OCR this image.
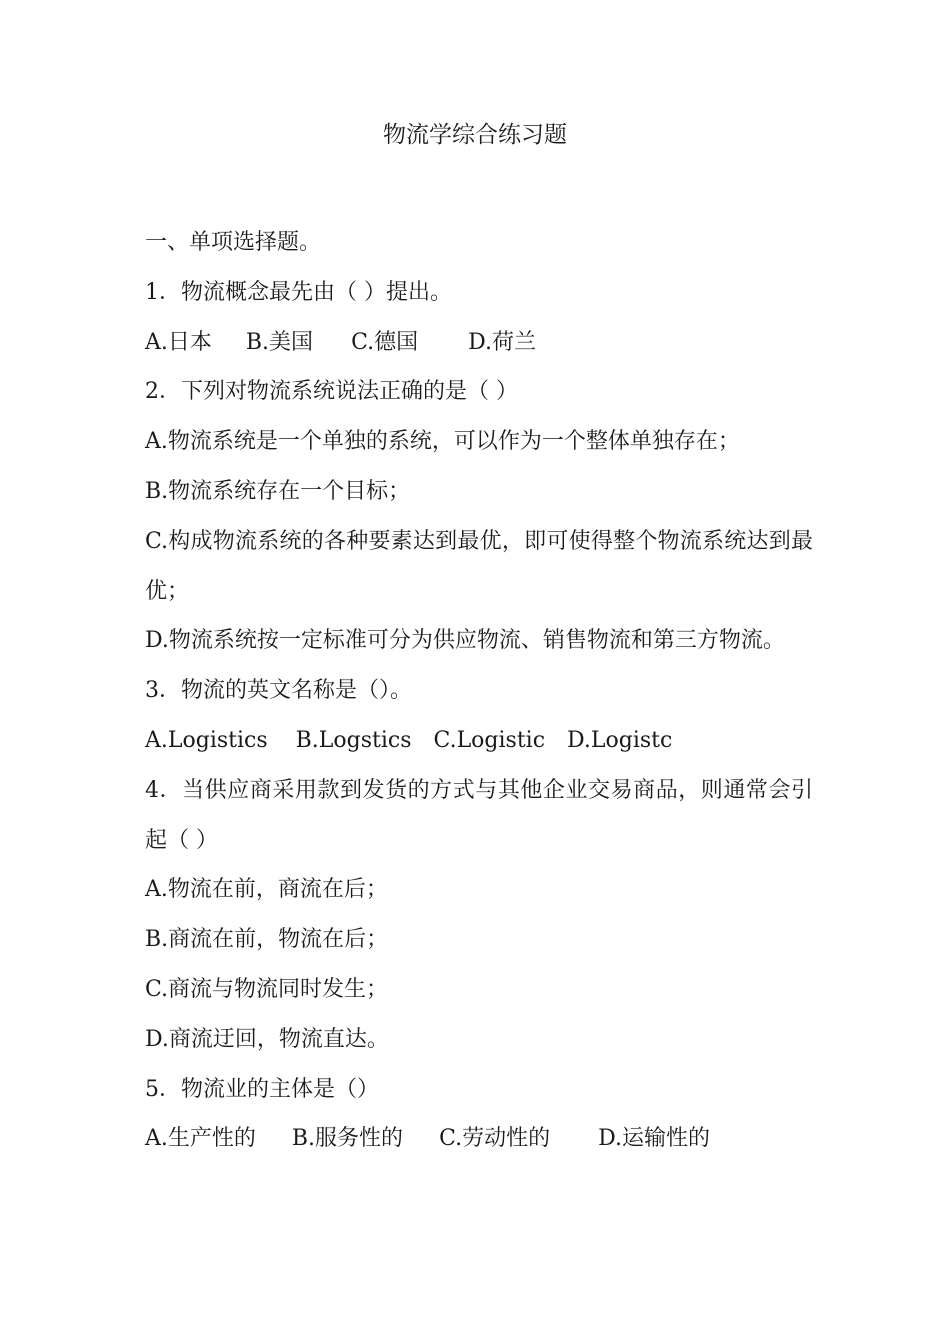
物流学综合练习题
一、单项选择题。
1．物流概念最先由（ ）提出。
A.日本 B.美国 C.德国 D.荷兰
2．下列对物流系统说法正确的是（ ）
A.物流系统是一个单独的系统，可以作为一个整体单独存在；
B.物流系统存在一个目标；
C.构成物流系统的各种要素达到最优，即可使得整个物流系统达到最优；
D.物流系统按一定标准可分为供应物流、销售物流和第三方物流。
3．物流的英文名称是（）。
A.Logistics B.Logstics C.Logistic D.Logistc
4．当供应商采用款到发货的方式与其他企业交易商品，则通常会引起（ ）
A.物流在前，商流在后；
B.商流在前，物流在后；
C.商流与物流同时发生；
D.商流迂回，物流直达。
5．物流业的主体是（）
A.生产性的 B.服务性的 C.劳动性的 D.运输性的
